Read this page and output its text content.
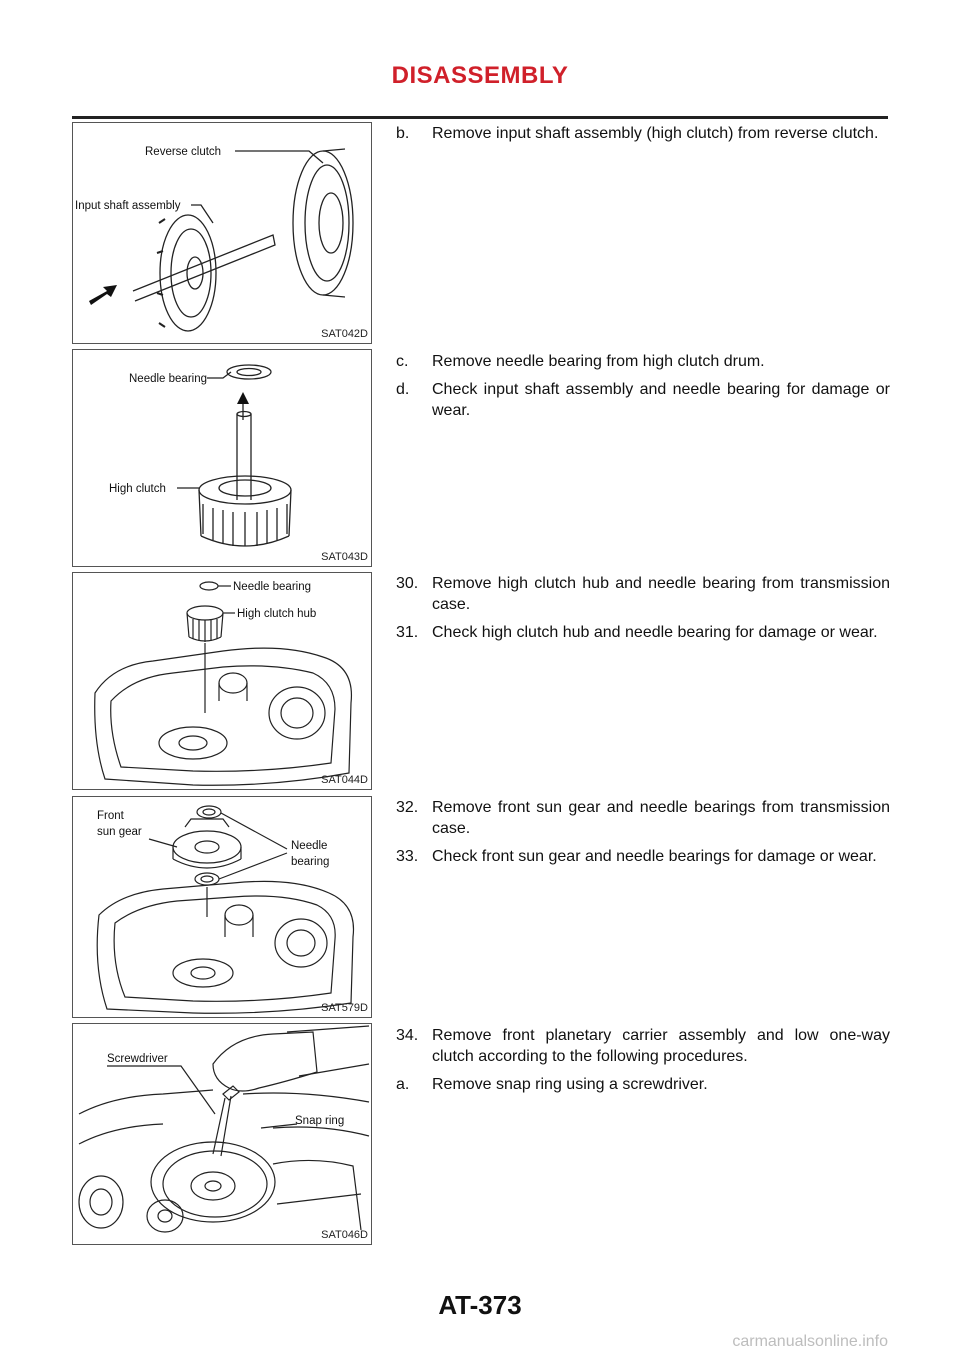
DISASSEMBLY
Reverse clutch
Input shaft assembly
SAT042D
Needle bearing
High clutch
SAT043D
Needle bearing
High clutch hub
SAT044D
Front
sun gear
Needle
bearing
SAT579D
Screwdriver
Snap ring
SAT046D
b.	Remove input shaft assembly (high clutch) from reverse clutch.
c.	Remove needle bearing from high clutch drum.
d.	Check input shaft assembly and needle bearing for damage or wear.
30. Remove high clutch hub and needle bearing from transmission case.
31. Check high clutch hub and needle bearing for damage or wear.
32. Remove front sun gear and needle bearings from transmission case.
33. Check front sun gear and needle bearings for damage or wear.
34. Remove front planetary carrier assembly and low one-way clutch according to the following procedures.
a.	Remove snap ring using a screwdriver.
AT-373
carmanualsonline.info
